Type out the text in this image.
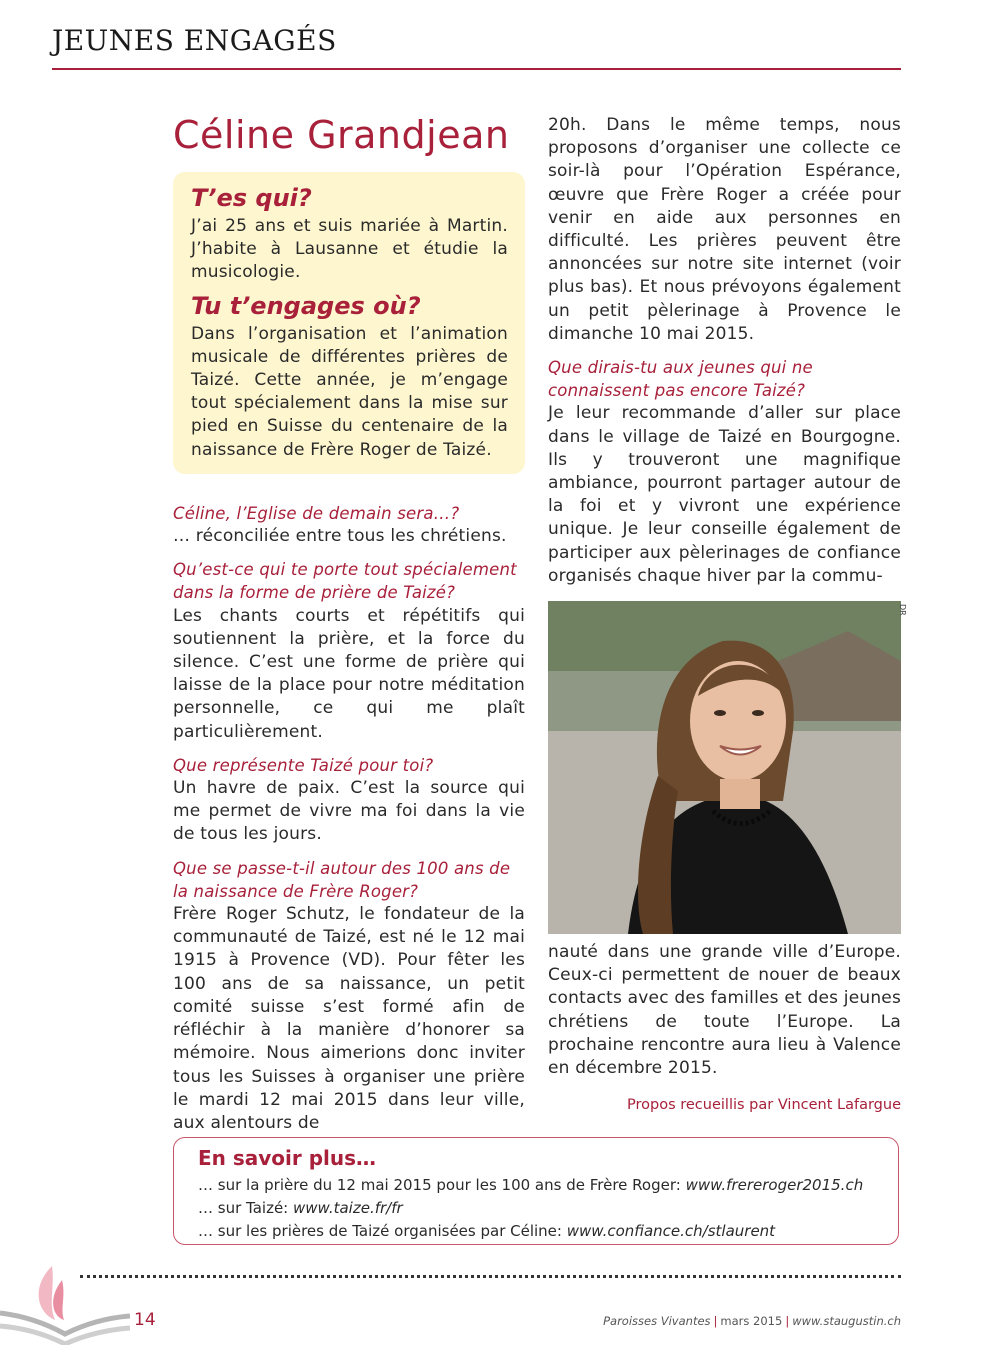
JEUNES ENGAGÉS
Céline Grandjean

T’es qui?

J’ai 25 ans et suis mariée à Martin. J’habite à Lausanne et étudie la musicologie.

Tu t’engages où?

Dans l’organisation et l’animation musicale de différentes prières de Taizé. Cette année, je m’engage tout spécialement dans la mise sur pied en Suisse du centenaire de la naissance de Frère Roger de Taizé.

Céline, l’Eglise de demain sera…?

… réconciliée entre tous les chrétiens.

Qu’est-ce qui te porte tout spécialement dans la forme de prière de Taizé?

Les chants courts et répétitifs qui soutiennent la prière, et la force du silence. C’est une forme de prière qui laisse de la place pour notre méditation personnelle, ce qui me plaît particulièrement.

Que représente Taizé pour toi?

Un havre de paix. C’est la source qui me permet de vivre ma foi dans la vie de tous les jours.

Que se passe-t-il autour des 100 ans de la naissance de Frère Roger?

Frère Roger Schutz, le fondateur de la communauté de Taizé, est né le 12 mai 1915 à Provence (VD). Pour fêter les 100 ans de sa naissance, un petit comité suisse s’est formé afin de réfléchir à la manière d’honorer sa mémoire. Nous aimerions donc inviter tous les Suisses à organiser une prière le mardi 12 mai 2015 dans leur ville, aux alentours de

20h. Dans le même temps, nous proposons d’organiser une collecte ce soir-là pour l’Opération Espérance, œuvre que Frère Roger a créée pour venir en aide aux personnes en difficulté. Les prières peuvent être annoncées sur notre site internet (voir plus bas). Et nous prévoyons également un petit pèlerinage à Provence le dimanche 10 mai 2015.

Que dirais-tu aux jeunes qui ne connaissent pas encore Taizé?

Je leur recommande d’aller sur place dans le village de Taizé en Bourgogne. Ils y trouveront une magnifique ambiance, pourront partager autour de la foi et y vivront une expérience unique. Je leur conseille également de participer aux pèlerinages de confiance organisés chaque hiver par la commu-

DR

nauté dans une grande ville d’Europe. Ceux-ci permettent de nouer de beaux contacts avec des familles et des jeunes chrétiens de toute l’Europe. La prochaine rencontre aura lieu à Valence en décembre 2015.

Propos recueillis par Vincent Lafargue

En savoir plus…

… sur la prière du 12 mai 2015 pour les 100 ans de Frère Roger: www.frereroger2015.ch

… sur Taizé: www.taize.fr/fr

… sur les prières de Taizé organisées par Céline: www.confiance.ch/stlaurent

14	Paroisses Vivantes | mars 2015 | www.staugustin.ch
